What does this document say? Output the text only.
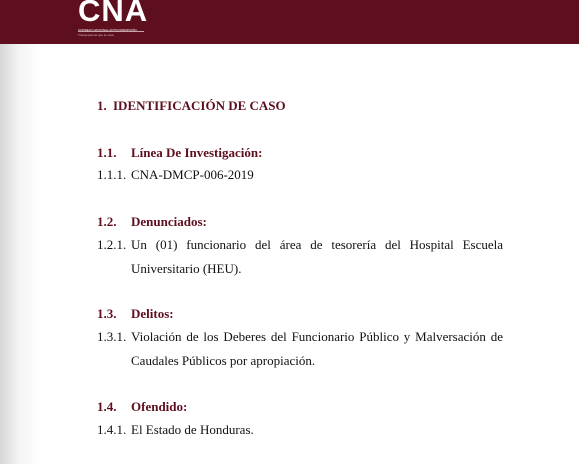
CNA
CONSEJO NACIONAL ANTICORRUPCIÓN
Transparencia que se nota
1. IDENTIFICACIÓN DE CASO
1.1. Línea De Investigación:
1.1.1. CNA-DMCP-006-2019
1.2. Denunciados:
1.2.1. Un (01) funcionario del área de tesorería del Hospital Escuela
Universitario (HEU).
1.3. Delitos:
1.3.1. Violación de los Deberes del Funcionario Público y Malversación de
Caudales Públicos por apropiación.
1.4. Ofendido:
1.4.1. El Estado de Honduras.
